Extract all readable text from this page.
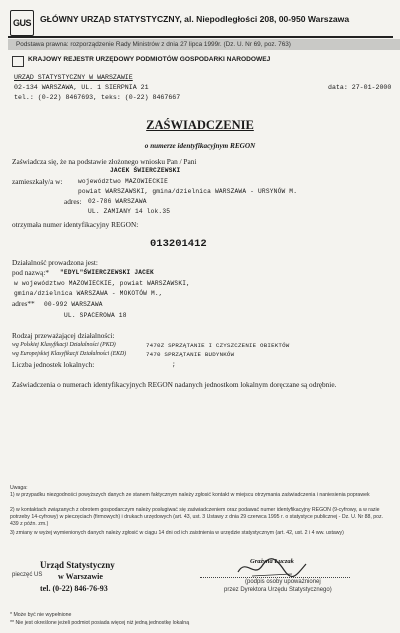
GUS	GŁÓWNY URZĄD STATYSTYCZNY, al. Niepodległości 208, 00-950 Warszawa
Podstawa prawna: rozporządzenie Rady Ministrów z dnia 27 lipca 1999r. (Dz. U. Nr 69, poz. 763)
KRAJOWY REJESTR URZĘDOWY PODMIOTÓW GOSPODARKI NARODOWEJ
URZĄD STATYSTYCZNY W WARSZAWIE
02-134 WARSZAWA, UL. 1 SIERPNIA 21
tel.: (0-22) 8467693, teks: (0-22) 8467667
data: 27-01-2000
ZAŚWIADCZENIE
o numerze identyfikacyjnym REGON
Zaświadcza się, że na podstawie złożonego wniosku Pan / Pani
JACEK ŚWIERCZEWSKI
zamieszkały/a w:	województwo MAZOWIECKIE
powiat WARSZAWSKI, gmina/dzielnica WARSZAWA - URSYNÓW M.
adres: 02-786 WARSZAWA
UL. ZAMIANY 14 lok.35
otrzymała numer identyfikacyjny REGON:
013201412
Działalność prowadzona jest:
pod nazwą:* "EDYL"ŚWIERCZEWSKI JACEK
w województwo MAZOWIECKIE, powiat WARSZAWSKI,
gmina/dzielnica WARSZAWA - MOKOTÓW M.,
adres** 00-992 WARSZAWA
UL. SPACEROWA 18
Rodzaj przeważającej działalności:
wg Polskiej Klasyfikacji Działalności (PKD)	7470Z SPRZĄTANIE I CZYSZCZENIE OBIEKTÓW
wg Europejskiej Klasyfikacji Działalności (EKD)	7470 SPRZĄTANIE BUDYNKÓW
Liczba jednostek lokalnych:	;
Zaświadczenia o numerach identyfikacyjnych REGON nadanych jednostkom lokalnym doręczane są odrębnie.
Uwaga:
1) w przypadku niezgodności powyższych danych ze stanem faktycznym należy zgłosić kontakt w miejscu otrzymania zaświadczenia i naniesienia poprawek
2) w kontaktach związanych z obrotem gospodarczym należy posługiwać się zaświadczeniem oraz podawać numer identyfikacyjny REGON (9-cyfrowy, a w razie potrzeby 14-cyfrowy) w pieczęciach (firmowych) i drukach urzędowych (art. 43, ust. 3 Ustawy z dnia 29 czerwca 1995 r. o statystyce publicznej - Dz. U. Nr 88, poz. 439 z późn. zm.)
3) zmiany w wyżej wymienionych danych należy zgłosić w ciągu 14 dni od ich zaistnienia w urzędzie statystycznym (art. 42, ust. 2 i 4 ww. ustawy)
pieczęć US
Urząd Statystyczny
w Warszawie
tel. (0-22) 846-76-93
Grażyna Łuczak
(podpis osoby upoważnionej
przez Dyrektora Urzędu Statystycznego)
* Może być nie wypełnione
** Nie jest określone jeżeli podmiot posiada więcej niż jedną jednostkę lokalną
